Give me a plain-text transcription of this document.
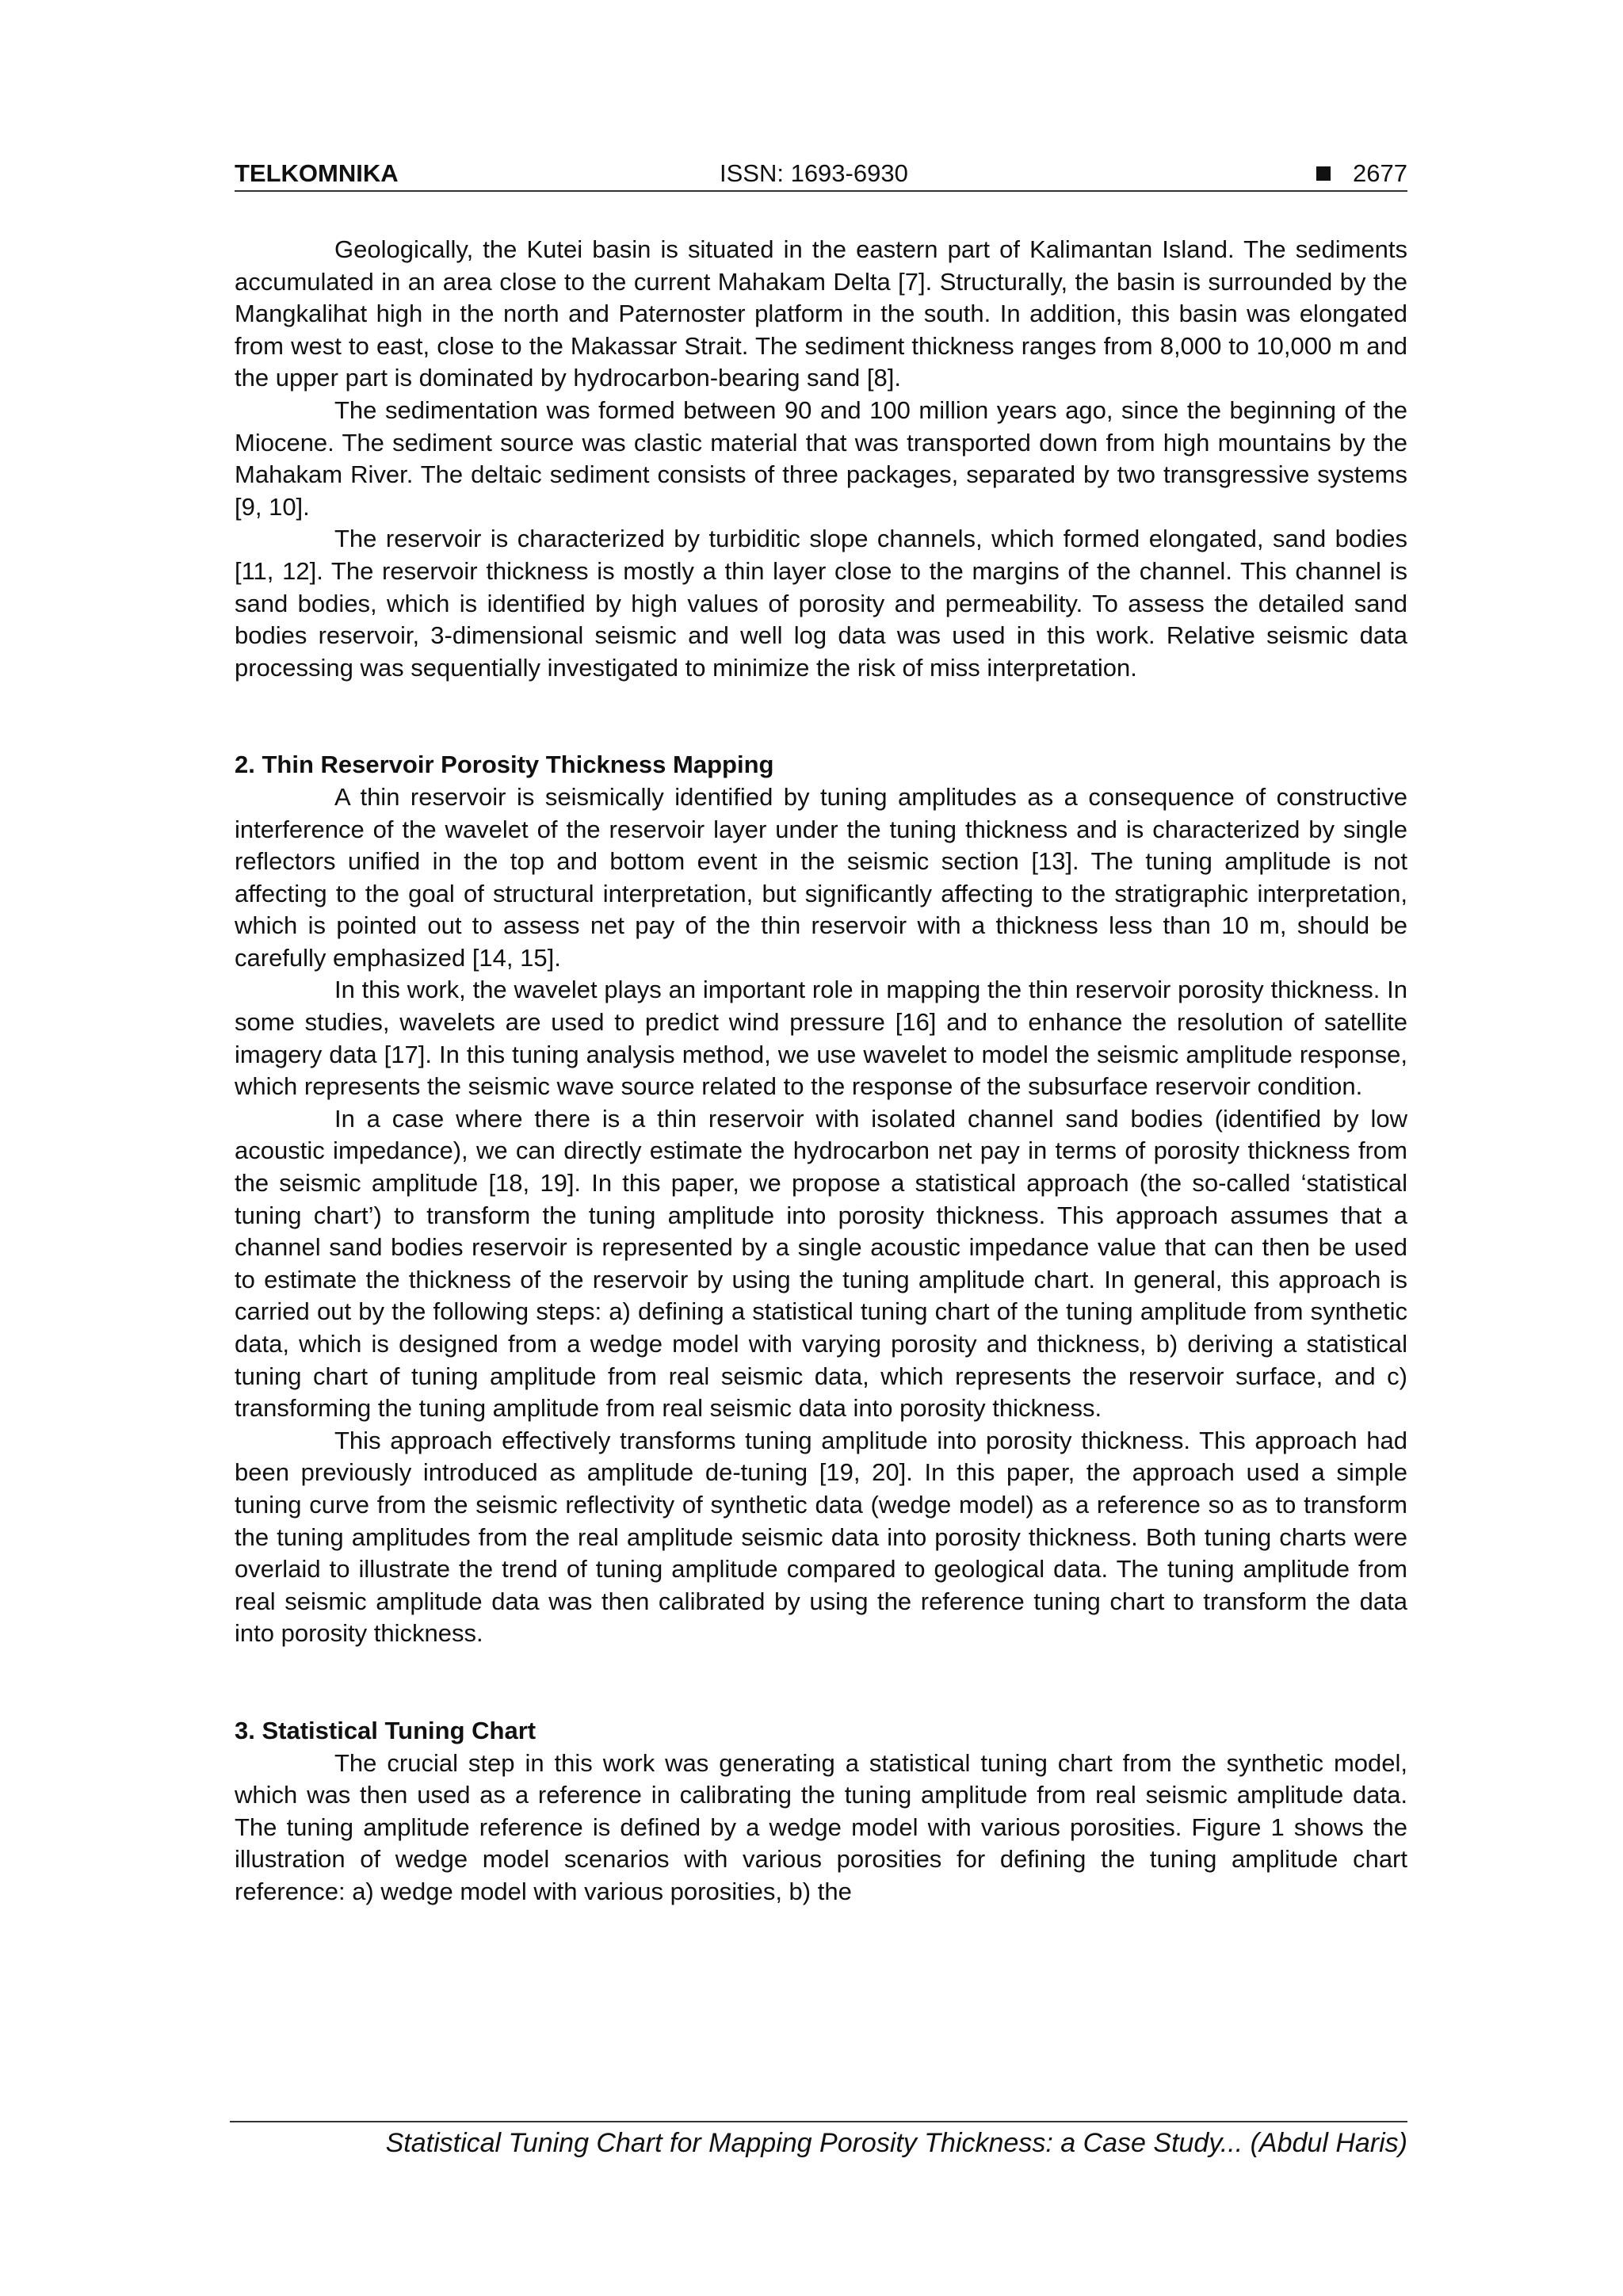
TELKOMNIKA	ISSN: 1693-6930	2677

Geologically, the Kutei basin is situated in the eastern part of Kalimantan Island. The sediments accumulated in an area close to the current Mahakam Delta [7]. Structurally, the basin is surrounded by the Mangkalihat high in the north and Paternoster platform in the south. In addition, this basin was elongated from west to east, close to the Makassar Strait. The sediment thickness ranges from 8,000 to 10,000 m and the upper part is dominated by hydrocarbon-bearing sand [8].

The sedimentation was formed between 90 and 100 million years ago, since the beginning of the Miocene. The sediment source was clastic material that was transported down from high mountains by the Mahakam River. The deltaic sediment consists of three packages, separated by two transgressive systems [9, 10].

The reservoir is characterized by turbiditic slope channels, which formed elongated, sand bodies [11, 12]. The reservoir thickness is mostly a thin layer close to the margins of the channel. This channel is sand bodies, which is identified by high values of porosity and permeability. To assess the detailed sand bodies reservoir, 3-dimensional seismic and well log data was used in this work. Relative seismic data processing was sequentially investigated to minimize the risk of miss interpretation.

2. Thin Reservoir Porosity Thickness Mapping

A thin reservoir is seismically identified by tuning amplitudes as a consequence of constructive interference of the wavelet of the reservoir layer under the tuning thickness and is characterized by single reflectors unified in the top and bottom event in the seismic section [13]. The tuning amplitude is not affecting to the goal of structural interpretation, but significantly affecting to the stratigraphic interpretation, which is pointed out to assess net pay of the thin reservoir with a thickness less than 10 m, should be carefully emphasized [14, 15].

In this work, the wavelet plays an important role in mapping the thin reservoir porosity thickness. In some studies, wavelets are used to predict wind pressure [16] and to enhance the resolution of satellite imagery data [17]. In this tuning analysis method, we use wavelet to model the seismic amplitude response, which represents the seismic wave source related to the response of the subsurface reservoir condition.

In a case where there is a thin reservoir with isolated channel sand bodies (identified by low acoustic impedance), we can directly estimate the hydrocarbon net pay in terms of porosity thickness from the seismic amplitude [18, 19]. In this paper, we propose a statistical approach (the so-called ‘statistical tuning chart’) to transform the tuning amplitude into porosity thickness. This approach assumes that a channel sand bodies reservoir is represented by a single acoustic impedance value that can then be used to estimate the thickness of the reservoir by using the tuning amplitude chart. In general, this approach is carried out by the following steps: a) defining a statistical tuning chart of the tuning amplitude from synthetic data, which is designed from a wedge model with varying porosity and thickness, b) deriving a statistical tuning chart of tuning amplitude from real seismic data, which represents the reservoir surface, and c) transforming the tuning amplitude from real seismic data into porosity thickness.

This approach effectively transforms tuning amplitude into porosity thickness. This approach had been previously introduced as amplitude de-tuning [19, 20]. In this paper, the approach used a simple tuning curve from the seismic reflectivity of synthetic data (wedge model) as a reference so as to transform the tuning amplitudes from the real amplitude seismic data into porosity thickness. Both tuning charts were overlaid to illustrate the trend of tuning amplitude compared to geological data. The tuning amplitude from real seismic amplitude data was then calibrated by using the reference tuning chart to transform the data into porosity thickness.

3. Statistical Tuning Chart

The crucial step in this work was generating a statistical tuning chart from the synthetic model, which was then used as a reference in calibrating the tuning amplitude from real seismic amplitude data. The tuning amplitude reference is defined by a wedge model with various porosities. Figure 1 shows the illustration of wedge model scenarios with various porosities for defining the tuning amplitude chart reference: a) wedge model with various porosities, b) the

Statistical Tuning Chart for Mapping Porosity Thickness: a Case Study... (Abdul Haris)
